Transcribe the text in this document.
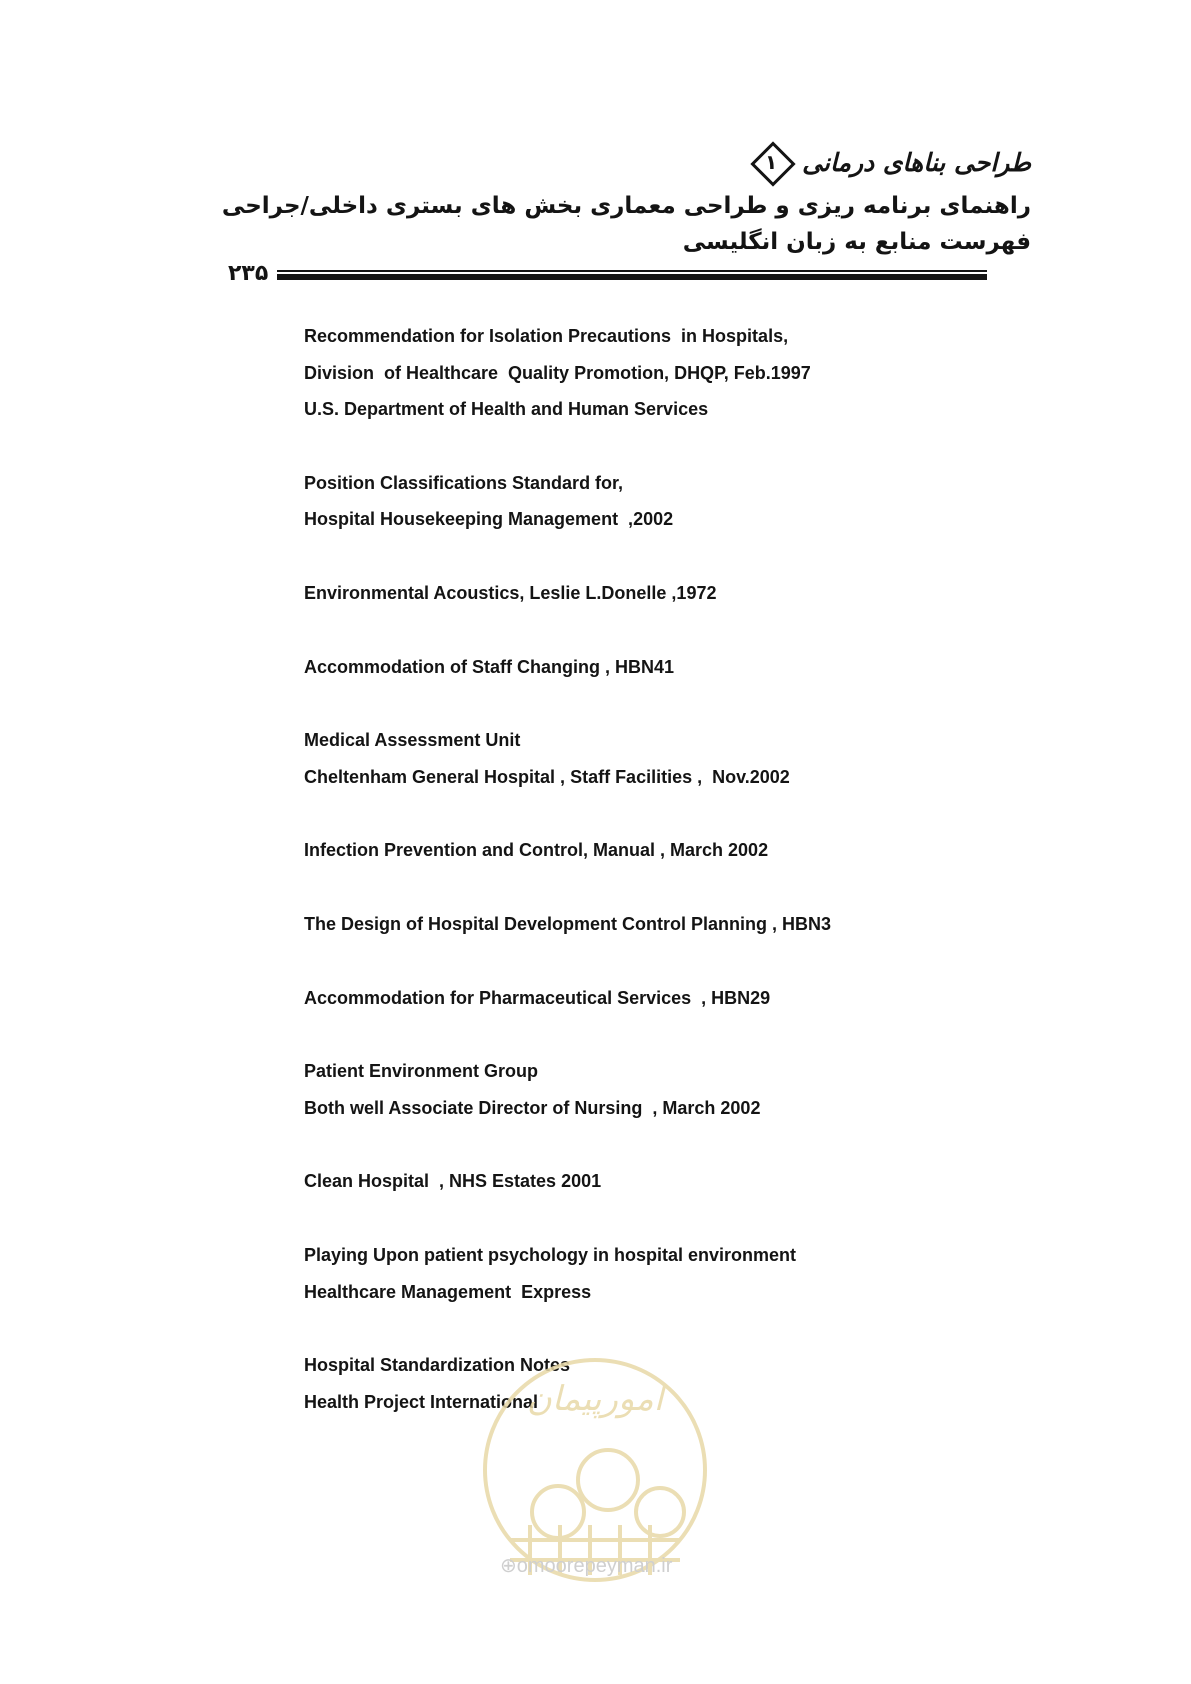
طراحی بناهای درمانی
۱
راهنمای برنامه ریزی و طراحی معماری بخش های بستری داخلی/جراحی
فهرست منابع به زبان انگلیسی
۲۳۵
Recommendation for Isolation Precautions  in Hospitals,
Division  of Healthcare  Quality Promotion, DHQP, Feb.1997
U.S. Department of Health and Human Services
Position Classifications Standard for,
Hospital Housekeeping Management  ,2002
Environmental Acoustics, Leslie L.Donelle ,1972
Accommodation of Staff Changing , HBN41
Medical Assessment Unit
Cheltenham General Hospital , Staff Facilities ,  Nov.2002
Infection Prevention and Control, Manual , March 2002
The Design of Hospital Development Control Planning , HBN3
Accommodation for Pharmaceutical Services  , HBN29
Patient Environment Group
Both well Associate Director of Nursing  , March 2002
Clean Hospital  , NHS Estates 2001
Playing Upon patient psychology in hospital environment
Healthcare Management  Express
Hospital Standardization Notes
Health Project International
امورپیمان
⊕omoorepeyman.ir
